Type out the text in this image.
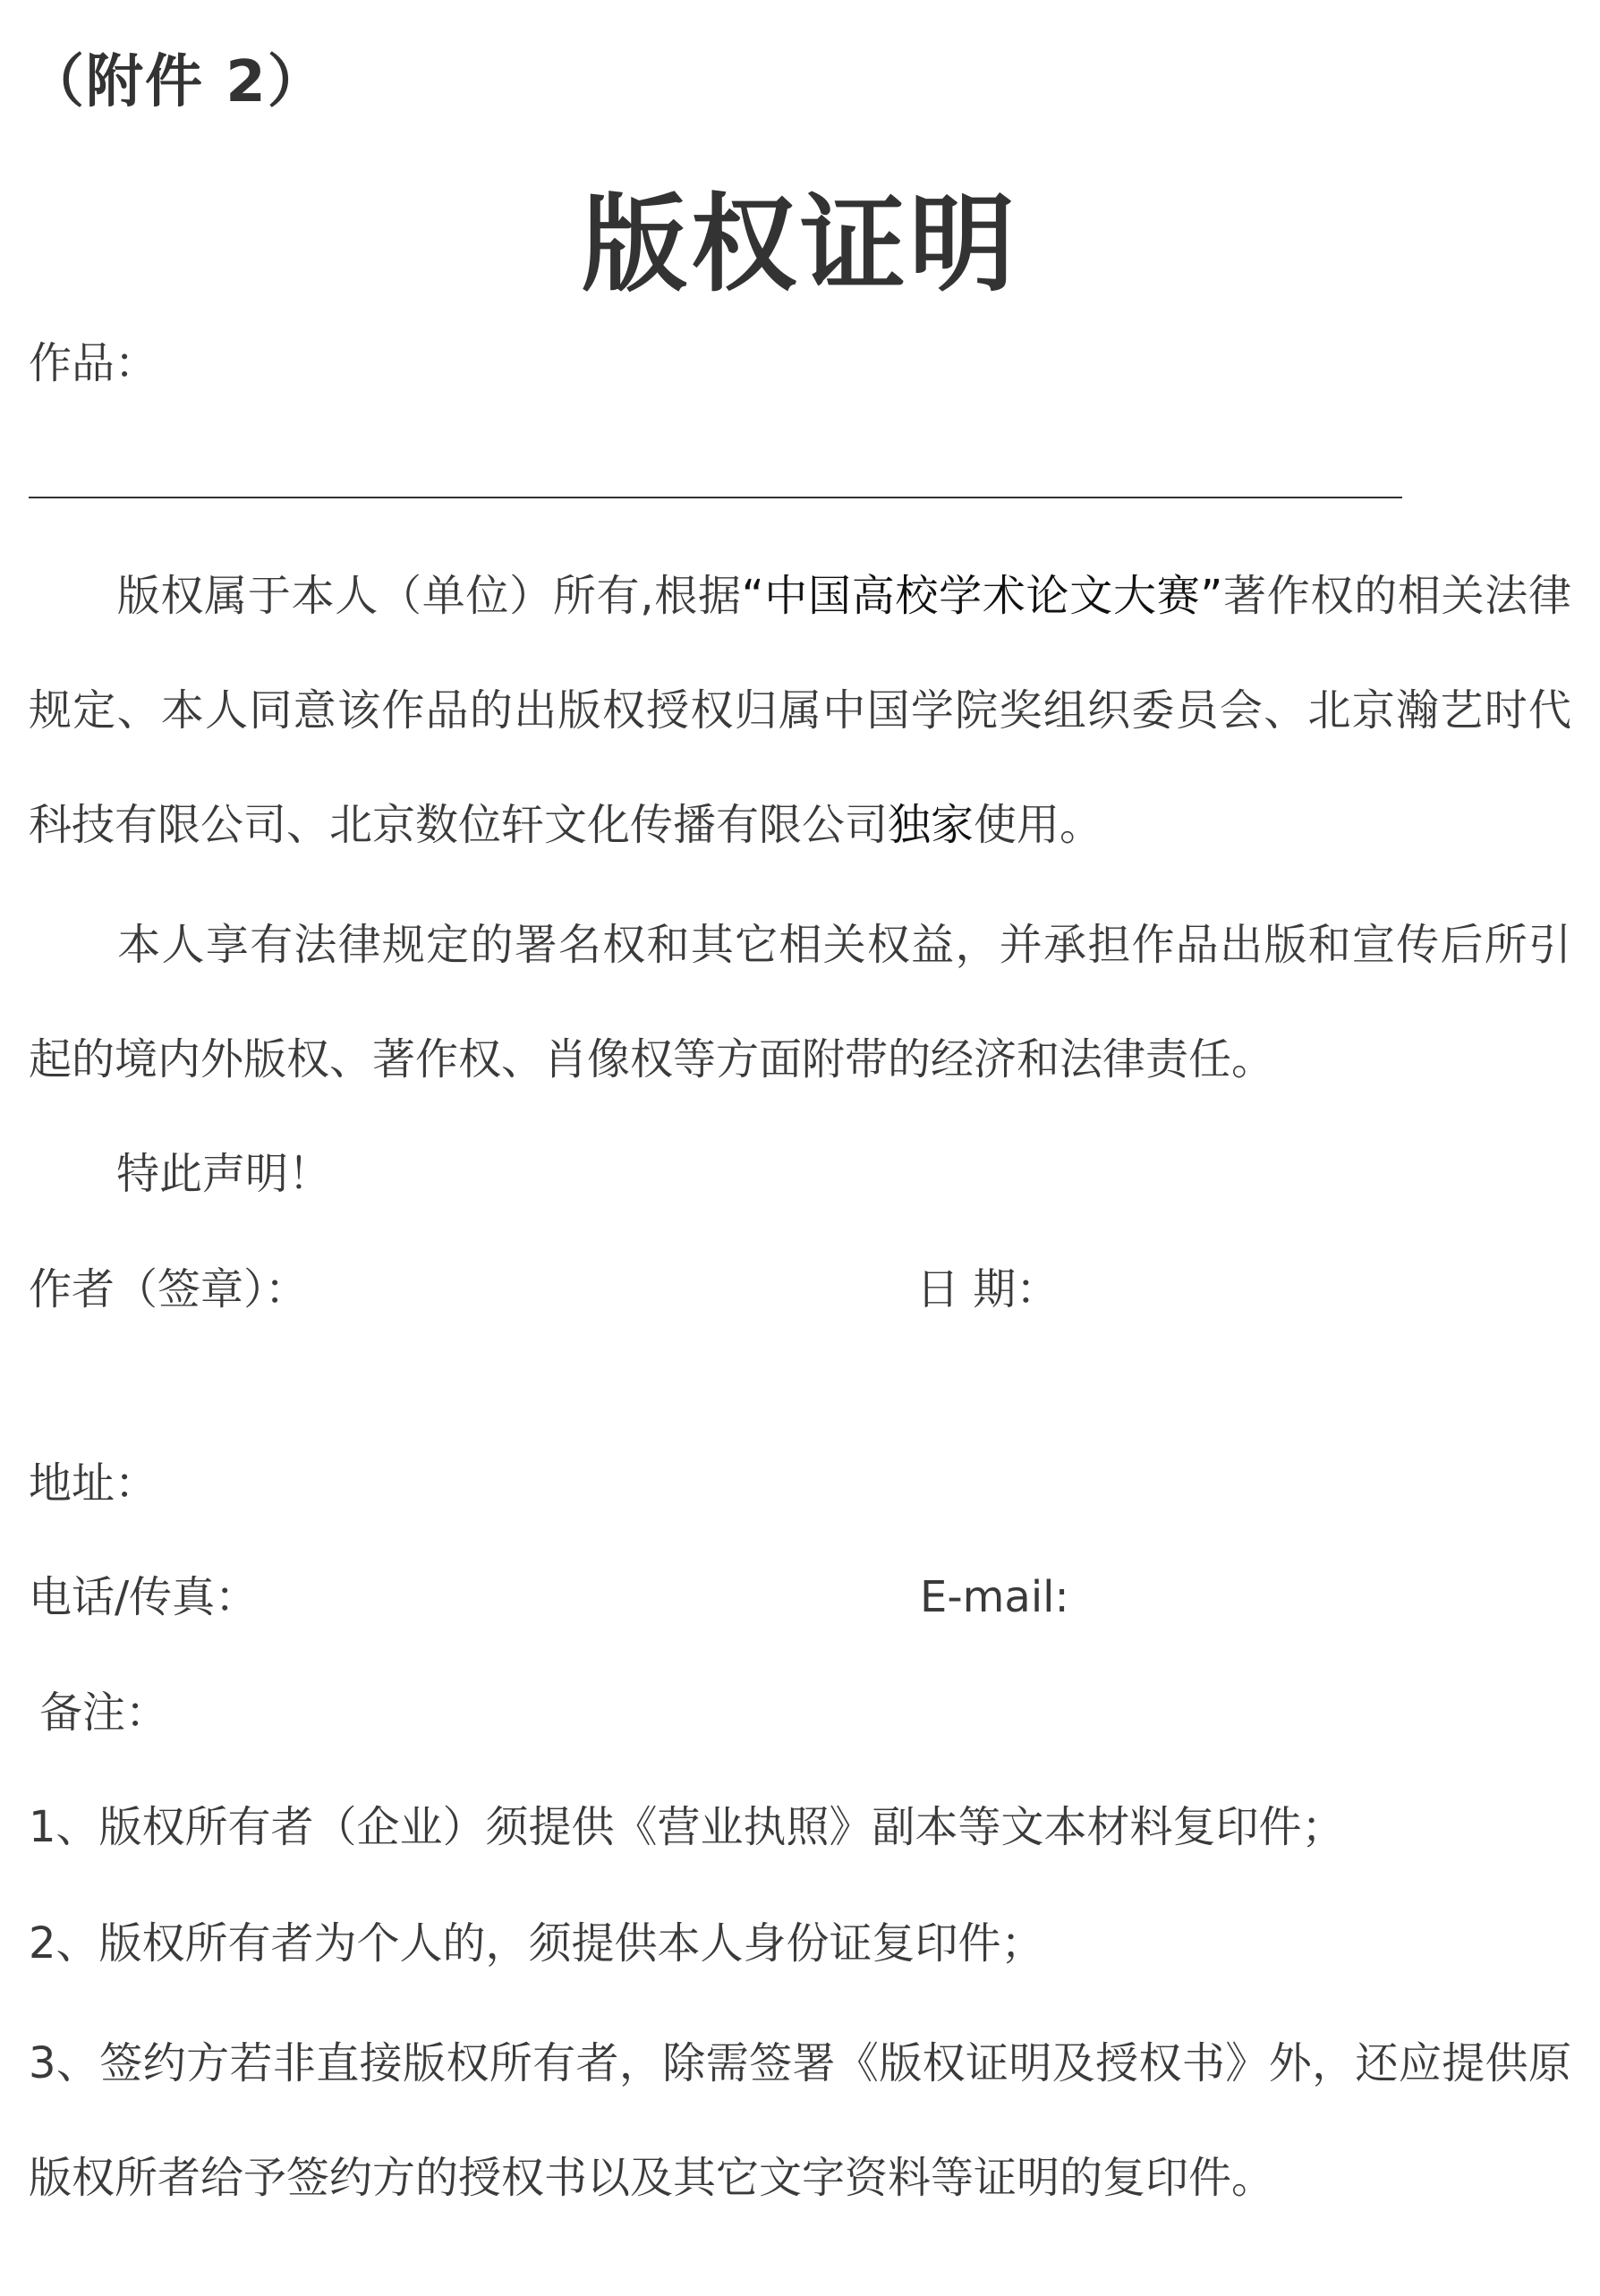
（附件 2）
版权证明
作品：
版权属于本人（单位）所有,根据“中国高校学术论文大赛”著作权的相关法律规定、本人同意该作品的出版权授权归属中国学院奖组织委员会、北京瀚艺时代科技有限公司、北京数位轩文化传播有限公司独家使用。
本人享有法律规定的署名权和其它相关权益，并承担作品出版和宣传后所引起的境内外版权、著作权、肖像权等方面附带的经济和法律责任。
特此声明！
作者（签章）：	日 期：
地址：
电话/传真：	E-mail:
备注：
1、版权所有者（企业）须提供《营业执照》副本等文本材料复印件；
2、版权所有者为个人的，须提供本人身份证复印件；
3、签约方若非直接版权所有者，除需签署《版权证明及授权书》外，还应提供原版权所者给予签约方的授权书以及其它文字资料等证明的复印件。
